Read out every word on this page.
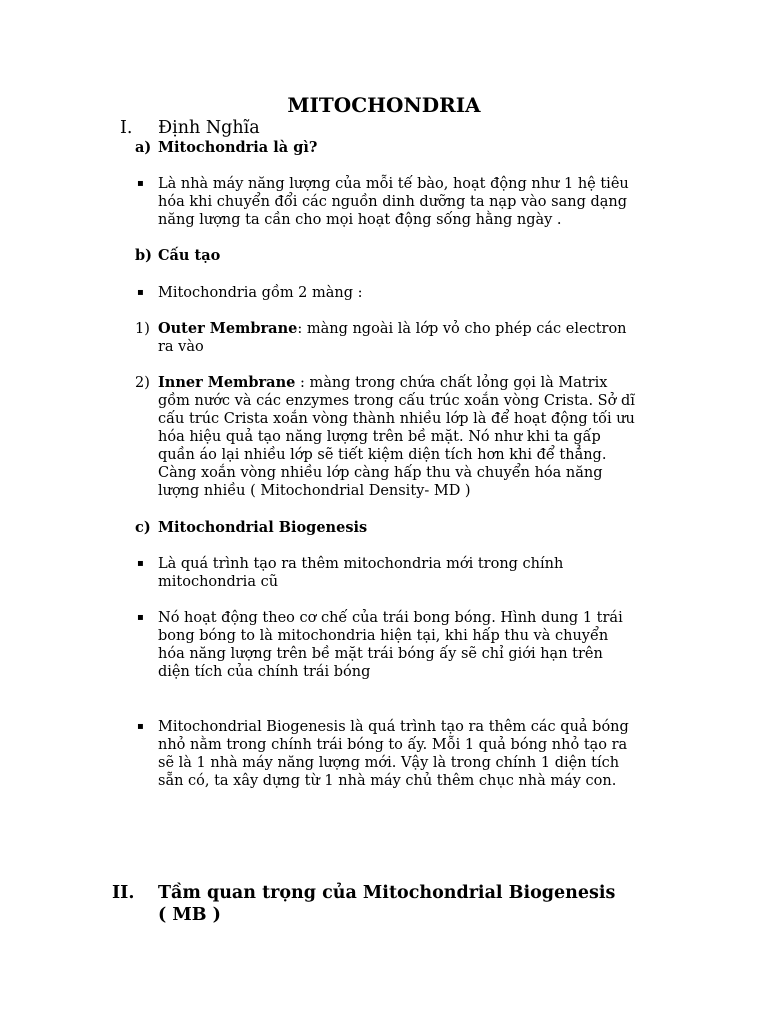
MITOCHONDRIA
I. Định Nghĩa
a) Mitochondria là gì?
▪ Là nhà máy năng lượng của mỗi tế bào, hoạt động như 1 hệ tiêu
hóa khi chuyển đổi các nguồn dinh dưỡng ta nạp vào sang dạng
năng lượng ta cần cho mọi hoạt động sống hằng ngày .
b) Cấu tạo
▪ Mitochondria gồm 2 màng :
1) Outer Membrane: màng ngoài là lớp vỏ cho phép các electron
ra vào
2) Inner Membrane : màng trong chứa chất lỏng gọi là Matrix
gồm nước và các enzymes trong cấu trúc xoắn vòng Crista. Sở dĩ
cấu trúc Crista xoắn vòng thành nhiều lớp là để hoạt động tối ưu
hóa hiệu quả tạo năng lượng trên bề mặt. Nó như khi ta gấp
quần áo lại nhiều lớp sẽ tiết kiệm diện tích hơn khi để thẳng.
Càng xoắn vòng nhiều lớp càng hấp thu và chuyển hóa năng
lượng nhiều ( Mitochondrial Density- MD )
c) Mitochondrial Biogenesis
▪ Là quá trình tạo ra thêm mitochondria mới trong chính
mitochondria cũ
▪ Nó hoạt động theo cơ chế của trái bong bóng. Hình dung 1 trái
bong bóng to là mitochondria hiện tại, khi hấp thu và chuyển
hóa năng lượng trên bề mặt trái bóng ấy sẽ chỉ giới hạn trên
diện tích của chính trái bóng
▪ Mitochondrial Biogenesis là quá trình tạo ra thêm các quả bóng
nhỏ nằm trong chính trái bóng to ấy. Mỗi 1 quả bóng nhỏ tạo ra
sẽ là 1 nhà máy năng lượng mới. Vậy là trong chính 1 diện tích
sẵn có, ta xây dựng từ 1 nhà máy chủ thêm chục nhà máy con.
II. Tầm quan trọng của Mitochondrial Biogenesis
( MB )
